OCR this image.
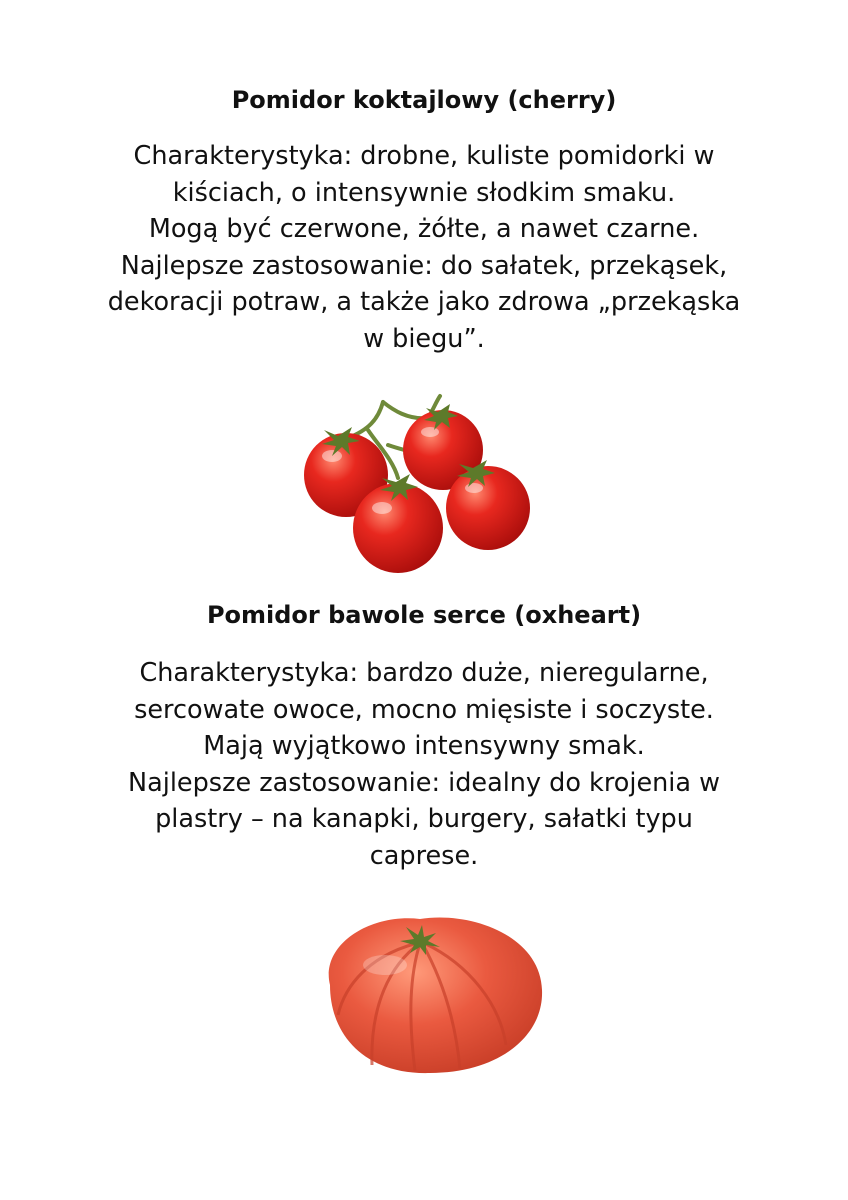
Pomidor koktajlowy (cherry)

Charakterystyka: drobne, kuliste pomidorki w
kiściach, o intensywnie słodkim smaku.
Mogą być czerwone, żółte, a nawet czarne.
Najlepsze zastosowanie: do sałatek, przekąsek,
dekoracji potraw, a także jako zdrowa „przekąska
w biegu”.

Pomidor bawole serce (oxheart)

Charakterystyka: bardzo duże, nieregularne,
sercowate owoce, mocno mięsiste i soczyste.
Mają wyjątkowo intensywny smak.
Najlepsze zastosowanie: idealny do krojenia w
plastry – na kanapki, burgery, sałatki typu
caprese.
